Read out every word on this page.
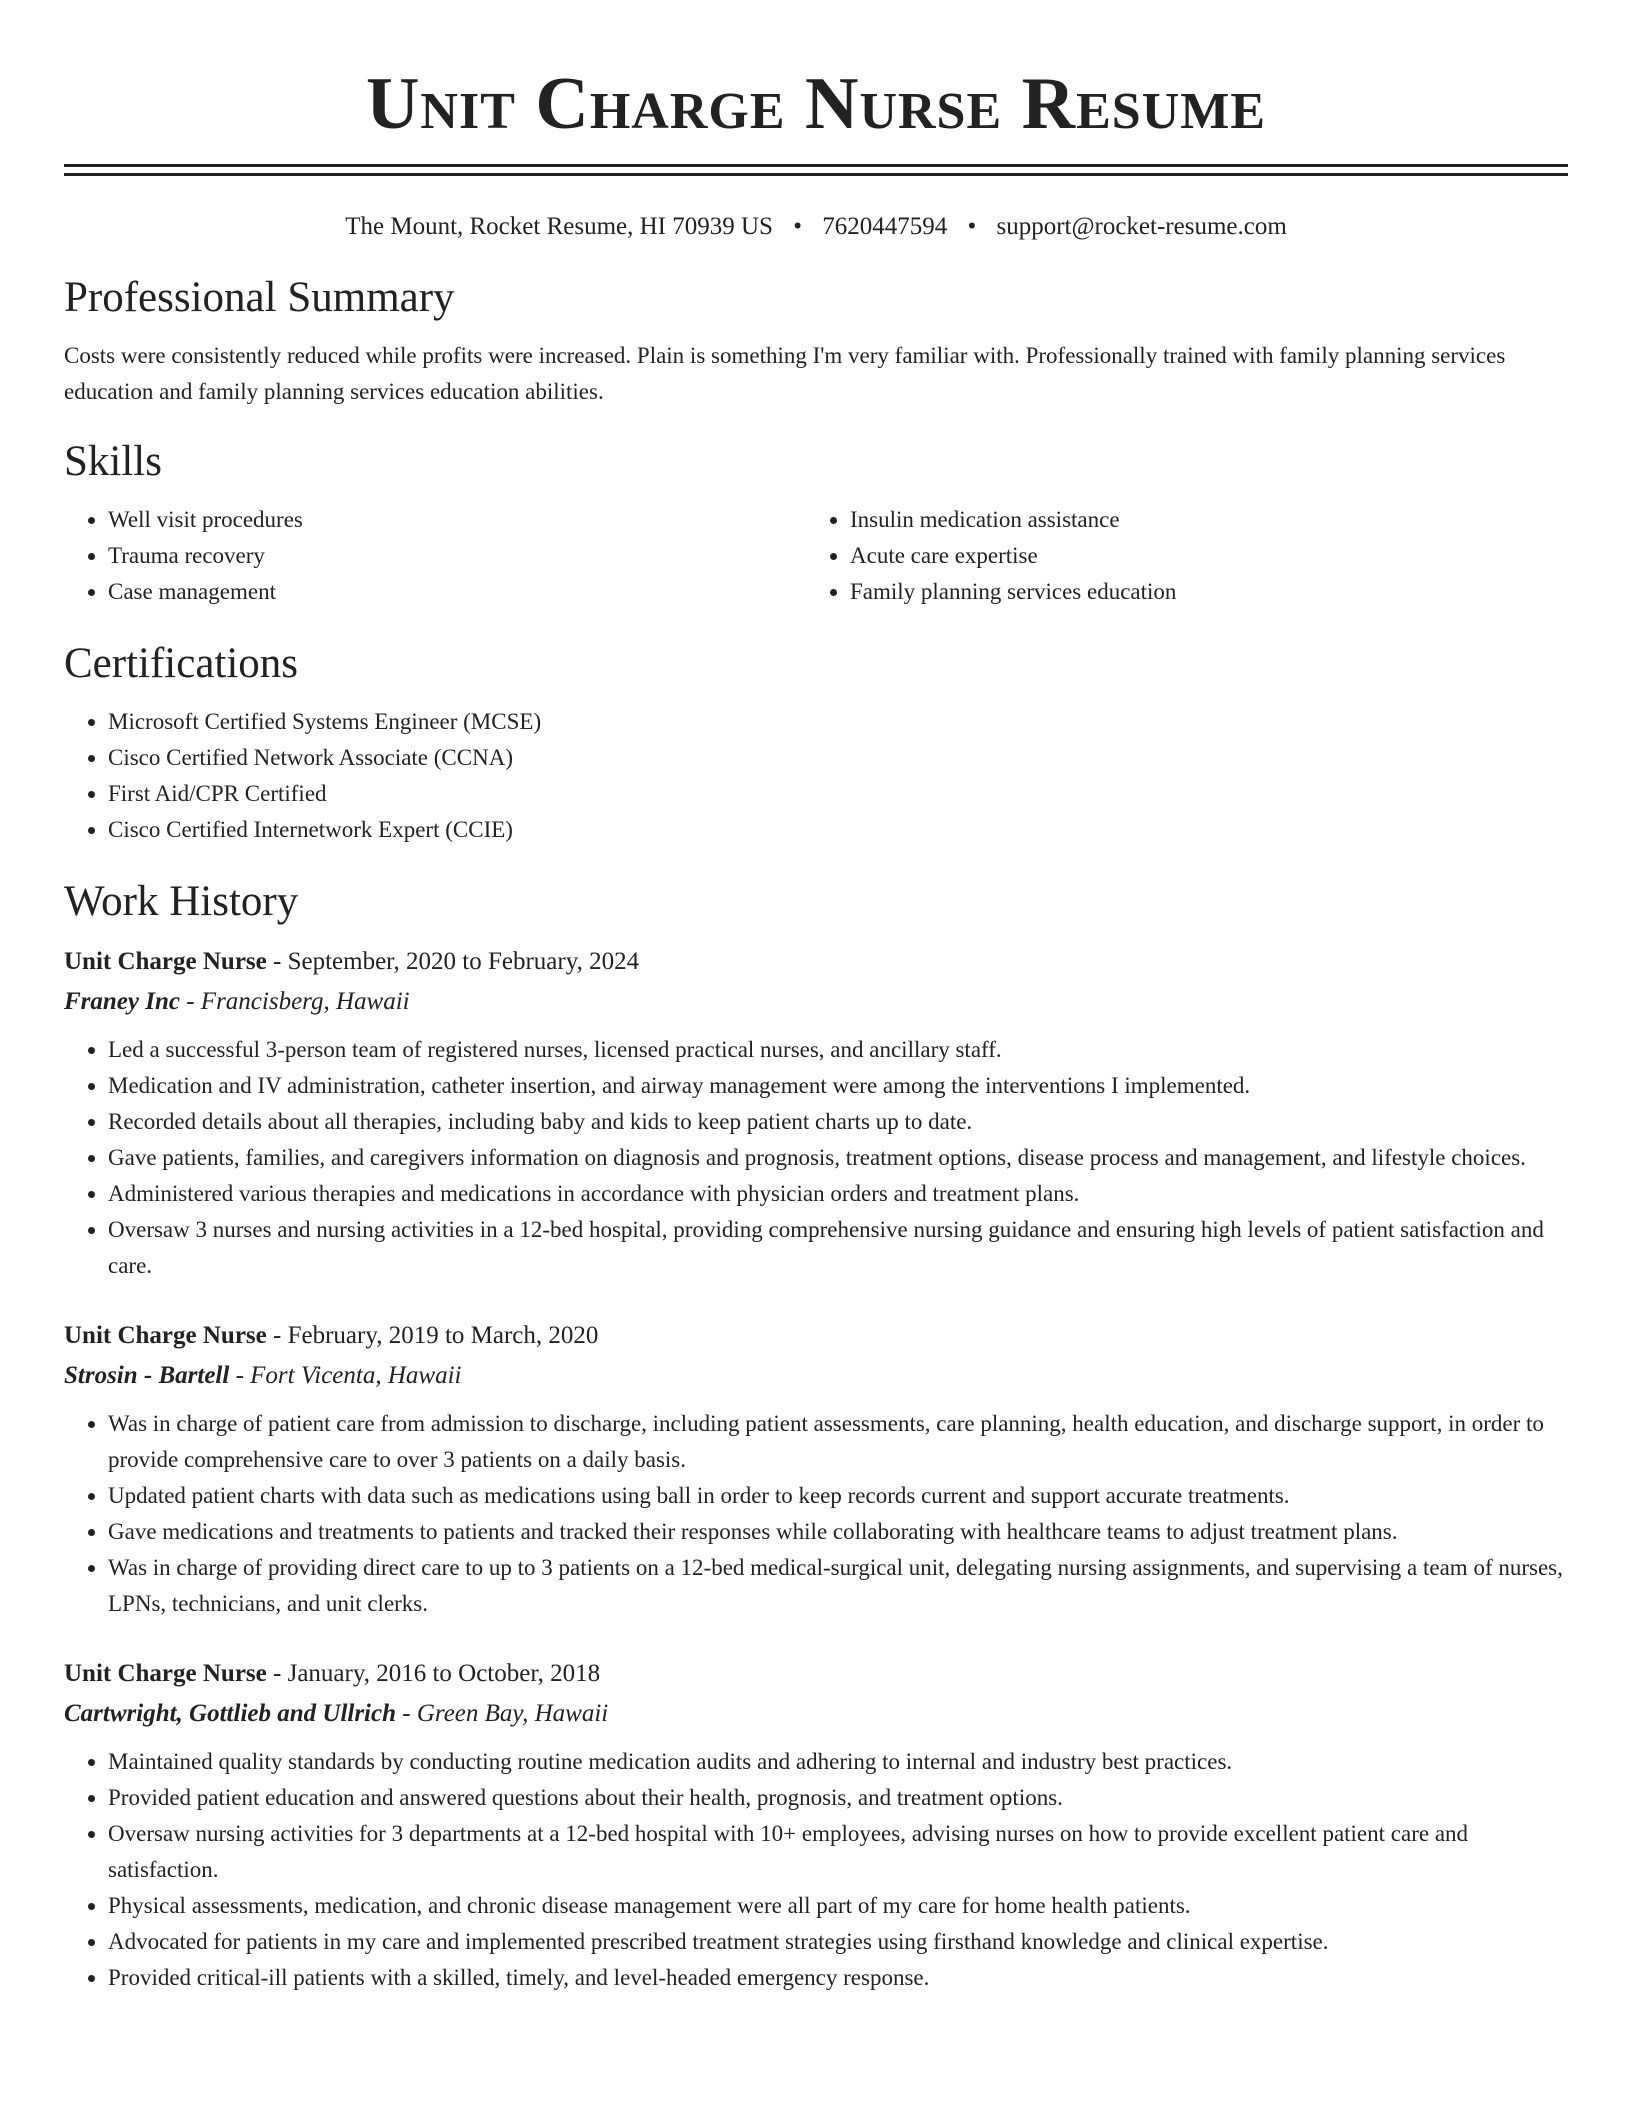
Unit Charge Nurse Resume
The Mount, Rocket Resume, HI 70939 US • 7620447594 • support@rocket-resume.com
Professional Summary

Costs were consistently reduced while profits were increased. Plain is something I'm very familiar with. Professionally trained with family planning services education and family planning services education abilities.

Skills
• Well visit procedures
• Trauma recovery
• Case management
• Insulin medication assistance
• Acute care expertise
• Family planning services education
Certifications
• Microsoft Certified Systems Engineer (MCSE)
• Cisco Certified Network Associate (CCNA)
• First Aid/CPR Certified
• Cisco Certified Internetwork Expert (CCIE)
Work History
Unit Charge Nurse - September, 2020 to February, 2024
Franey Inc - Francisberg, Hawaii
• Led a successful 3-person team of registered nurses, licensed practical nurses, and ancillary staff.
• Medication and IV administration, catheter insertion, and airway management were among the interventions I implemented.
• Recorded details about all therapies, including baby and kids to keep patient charts up to date.
• Gave patients, families, and caregivers information on diagnosis and prognosis, treatment options, disease process and management, and lifestyle choices.
• Administered various therapies and medications in accordance with physician orders and treatment plans.
• Oversaw 3 nurses and nursing activities in a 12-bed hospital, providing comprehensive nursing guidance and ensuring high levels of patient satisfaction and care.
Unit Charge Nurse - February, 2019 to March, 2020
Strosin - Bartell - Fort Vicenta, Hawaii
• Was in charge of patient care from admission to discharge, including patient assessments, care planning, health education, and discharge support, in order to provide comprehensive care to over 3 patients on a daily basis.
• Updated patient charts with data such as medications using ball in order to keep records current and support accurate treatments.
• Gave medications and treatments to patients and tracked their responses while collaborating with healthcare teams to adjust treatment plans.
• Was in charge of providing direct care to up to 3 patients on a 12-bed medical-surgical unit, delegating nursing assignments, and supervising a team of nurses, LPNs, technicians, and unit clerks.
Unit Charge Nurse - January, 2016 to October, 2018
Cartwright, Gottlieb and Ullrich - Green Bay, Hawaii
• Maintained quality standards by conducting routine medication audits and adhering to internal and industry best practices.
• Provided patient education and answered questions about their health, prognosis, and treatment options.
• Oversaw nursing activities for 3 departments at a 12-bed hospital with 10+ employees, advising nurses on how to provide excellent patient care and satisfaction.
• Physical assessments, medication, and chronic disease management were all part of my care for home health patients.
• Advocated for patients in my care and implemented prescribed treatment strategies using firsthand knowledge and clinical expertise.
• Provided critical-ill patients with a skilled, timely, and level-headed emergency response.
